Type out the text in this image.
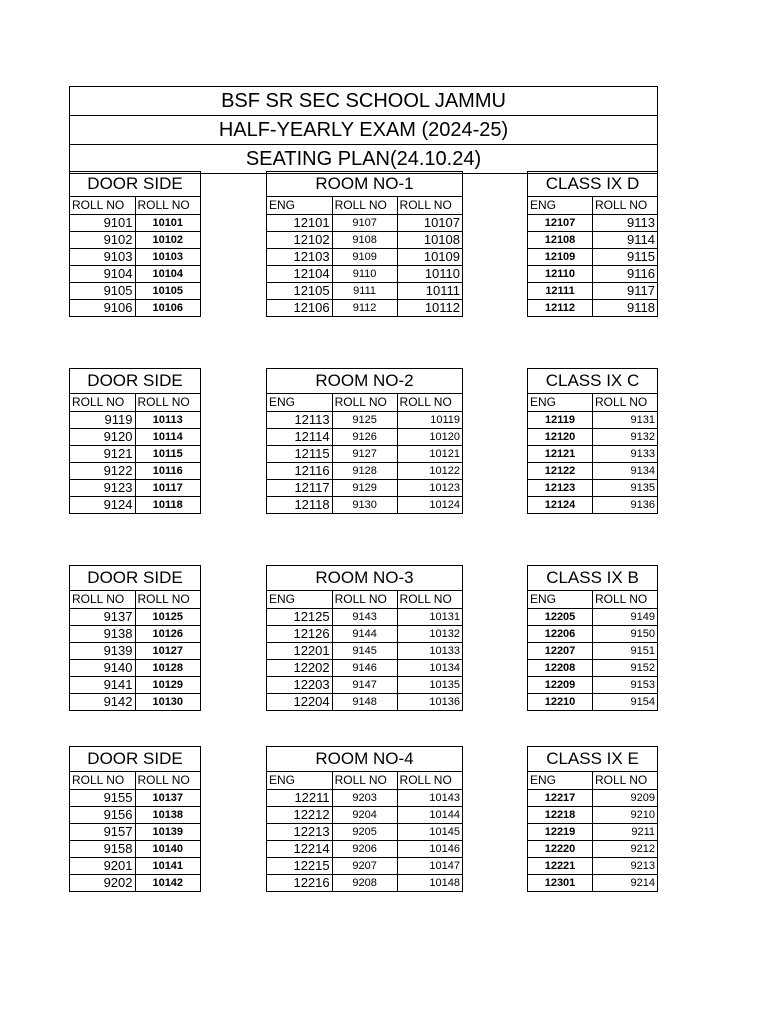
BSF SR SEC SCHOOL JAMMU
HALF-YEARLY EXAM (2024-25)
SEATING PLAN(24.10.24)
DOOR SIDE
ROLL NO	ROLL NO
9101	10101
9102	10102
9103	10103
9104	10104
9105	10105
9106	10106
ROOM NO-1
ENG	ROLL NO	ROLL NO
12101	9107	10107
12102	9108	10108
12103	9109	10109
12104	9110	10110
12105	9111	10111
12106	9112	10112
CLASS IX D
ENG	ROLL NO
12107	9113
12108	9114
12109	9115
12110	9116
12111	9117
12112	9118
DOOR SIDE
ROLL NO	ROLL NO
9119	10113
9120	10114
9121	10115
9122	10116
9123	10117
9124	10118
ROOM NO-2
ENG	ROLL NO	ROLL NO
12113	9125	10119
12114	9126	10120
12115	9127	10121
12116	9128	10122
12117	9129	10123
12118	9130	10124
CLASS IX C
ENG	ROLL NO
12119	9131
12120	9132
12121	9133
12122	9134
12123	9135
12124	9136
DOOR SIDE
ROLL NO	ROLL NO
9137	10125
9138	10126
9139	10127
9140	10128
9141	10129
9142	10130
ROOM NO-3
ENG	ROLL NO	ROLL NO
12125	9143	10131
12126	9144	10132
12201	9145	10133
12202	9146	10134
12203	9147	10135
12204	9148	10136
CLASS IX B
ENG	ROLL NO
12205	9149
12206	9150
12207	9151
12208	9152
12209	9153
12210	9154
DOOR SIDE
ROLL NO	ROLL NO
9155	10137
9156	10138
9157	10139
9158	10140
9201	10141
9202	10142
ROOM NO-4
ENG	ROLL NO	ROLL NO
12211	9203	10143
12212	9204	10144
12213	9205	10145
12214	9206	10146
12215	9207	10147
12216	9208	10148
CLASS IX E
ENG	ROLL NO
12217	9209
12218	9210
12219	9211
12220	9212
12221	9213
12301	9214
